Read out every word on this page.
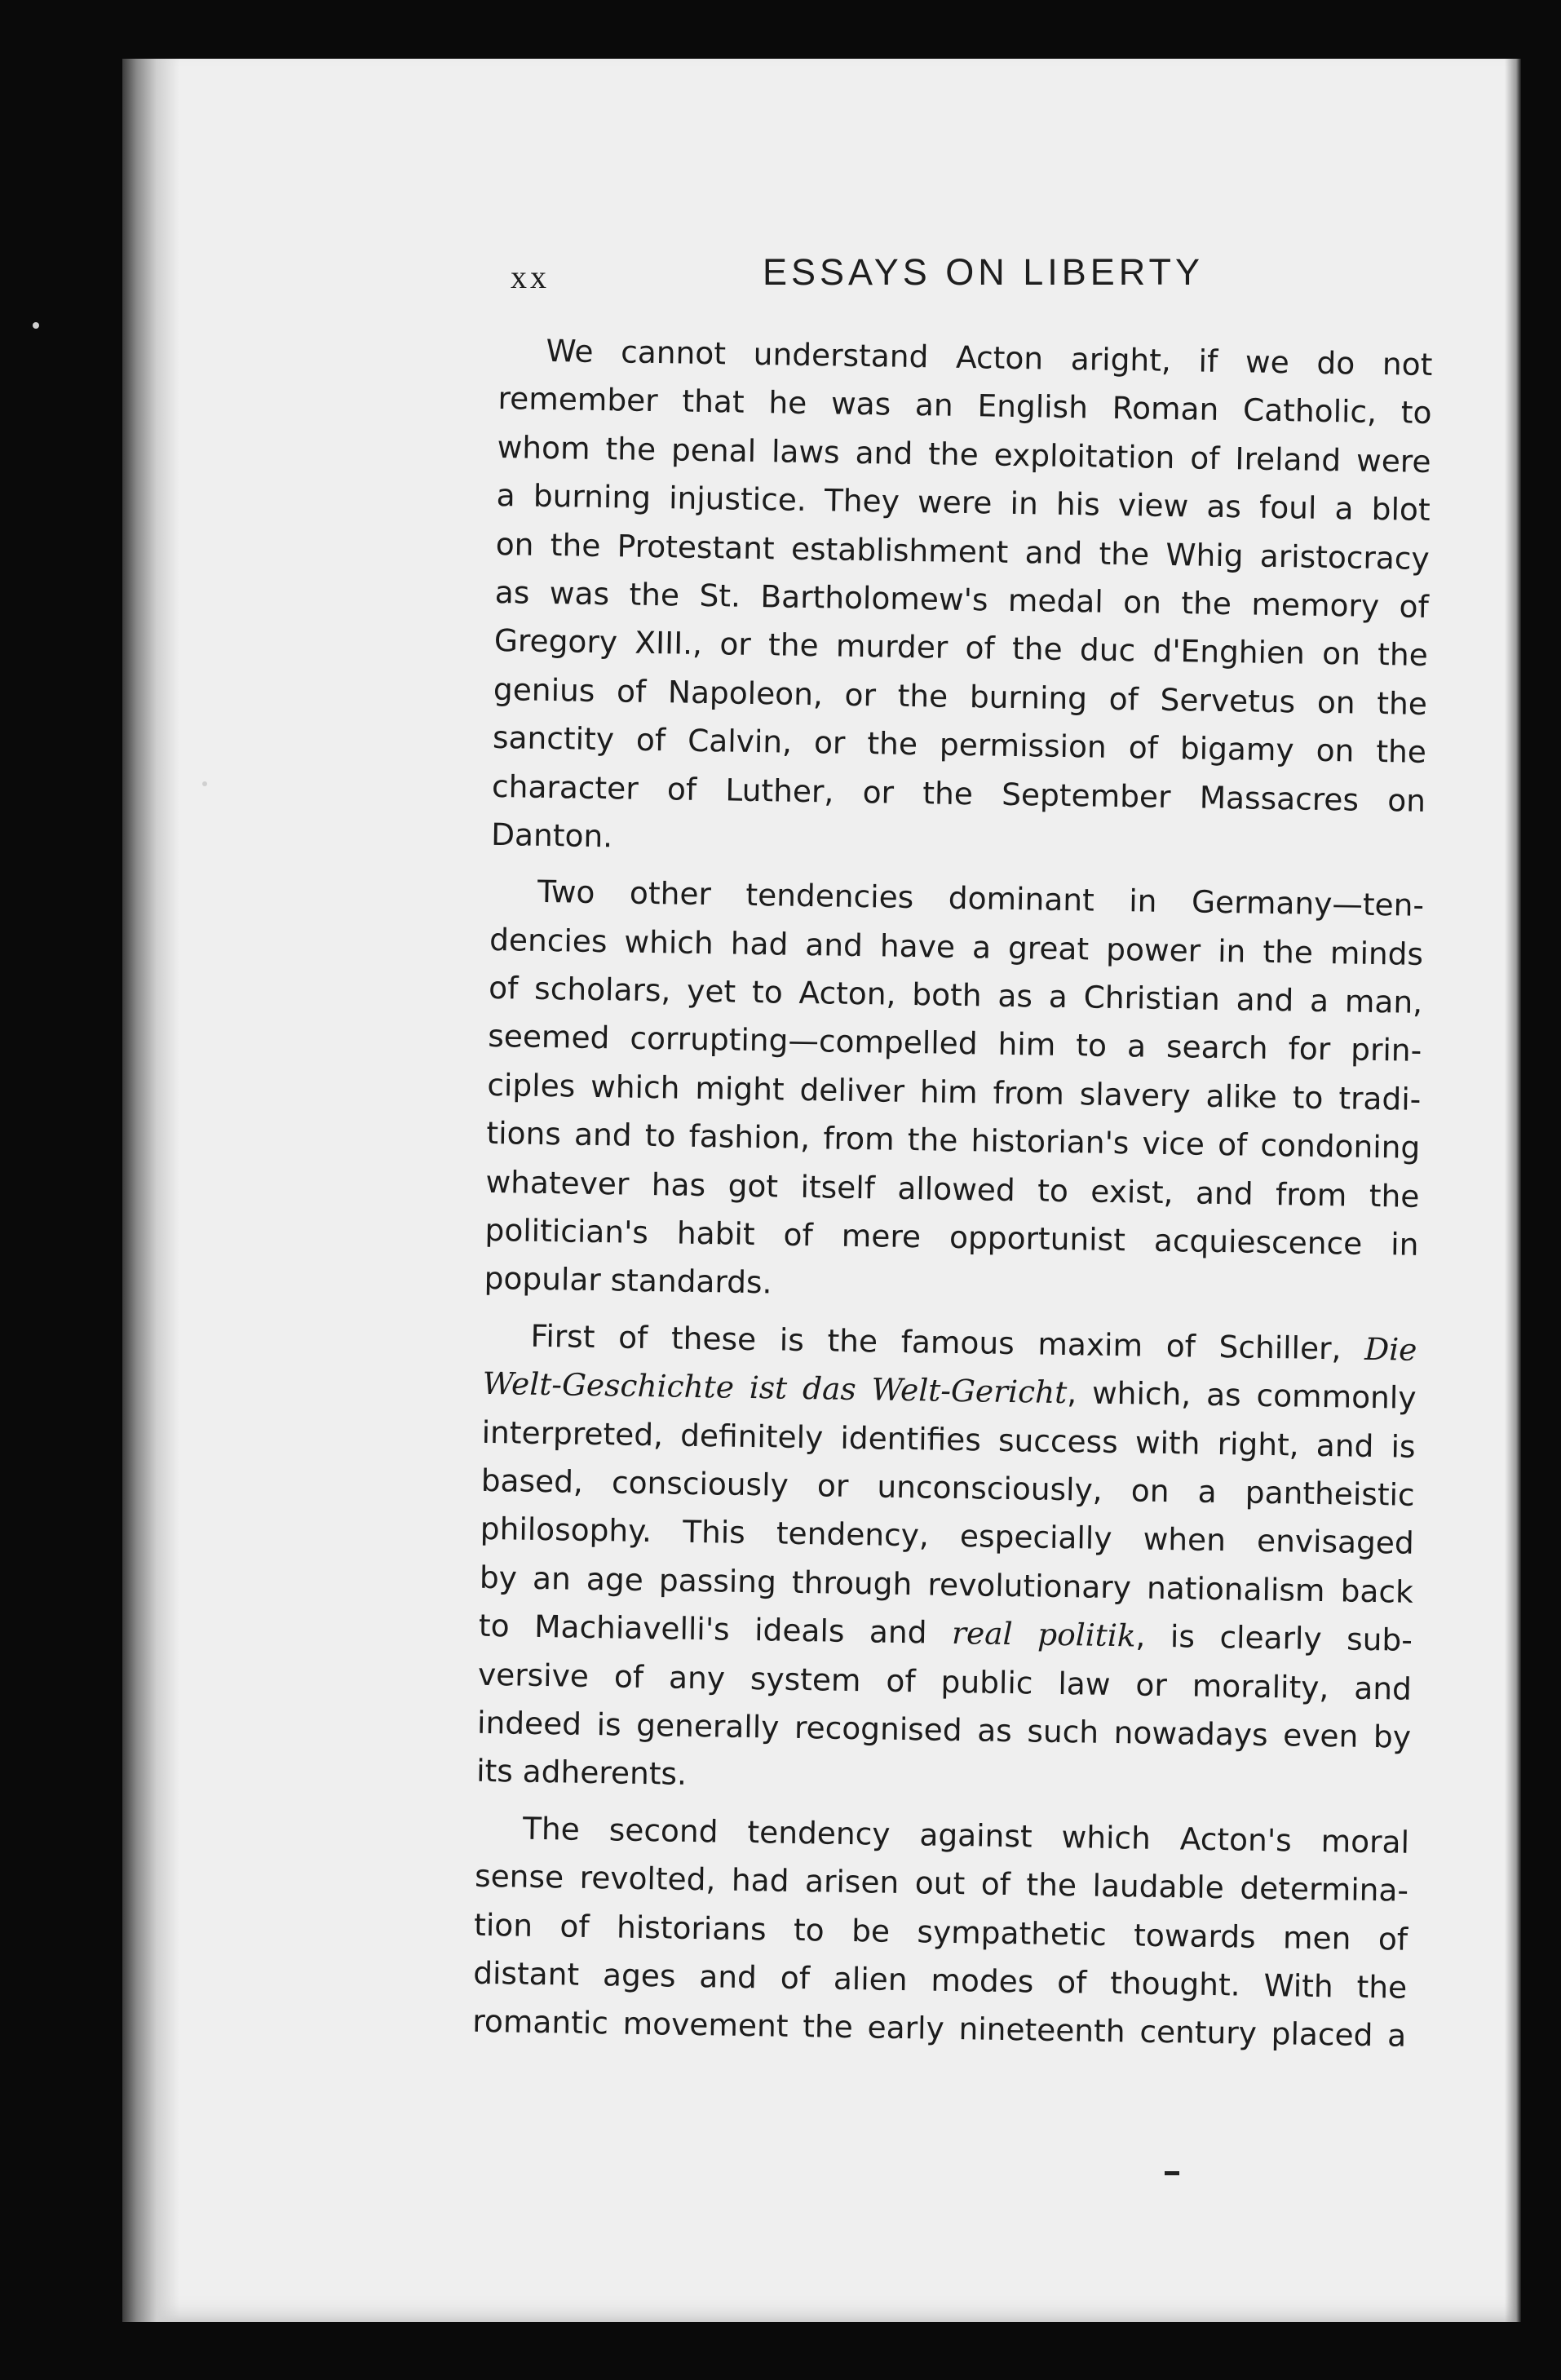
xx	ESSAYS ON LIBERTY
We cannot understand Acton aright, if we do not
remember that he was an English Roman Catholic, to
whom the penal laws and the exploitation of Ireland were
a burning injustice. They were in his view as foul a blot
on the Protestant establishment and the Whig aristocracy
as was the St. Bartholomew's medal on the memory of
Gregory XIII., or the murder of the duc d'Enghien on the
genius of Napoleon, or the burning of Servetus on the
sanctity of Calvin, or the permission of bigamy on the
character of Luther, or the September Massacres on
Danton.
Two other tendencies dominant in Germany—ten-
dencies which had and have a great power in the minds
of scholars, yet to Acton, both as a Christian and a man,
seemed corrupting—compelled him to a search for prin-
ciples which might deliver him from slavery alike to tradi-
tions and to fashion, from the historian's vice of condoning
whatever has got itself allowed to exist, and from the
politician's habit of mere opportunist acquiescence in
popular standards.
First of these is the famous maxim of Schiller, Die
Welt-Geschichte ist das Welt-Gericht, which, as commonly
interpreted, definitely identifies success with right, and is
based, consciously or unconsciously, on a pantheistic
philosophy. This tendency, especially when envisaged
by an age passing through revolutionary nationalism back
to Machiavelli's ideals and real politik, is clearly sub-
versive of any system of public law or morality, and
indeed is generally recognised as such nowadays even by
its adherents.
The second tendency against which Acton's moral
sense revolted, had arisen out of the laudable determina-
tion of historians to be sympathetic towards men of
distant ages and of alien modes of thought. With the
romantic movement the early nineteenth century placed a
